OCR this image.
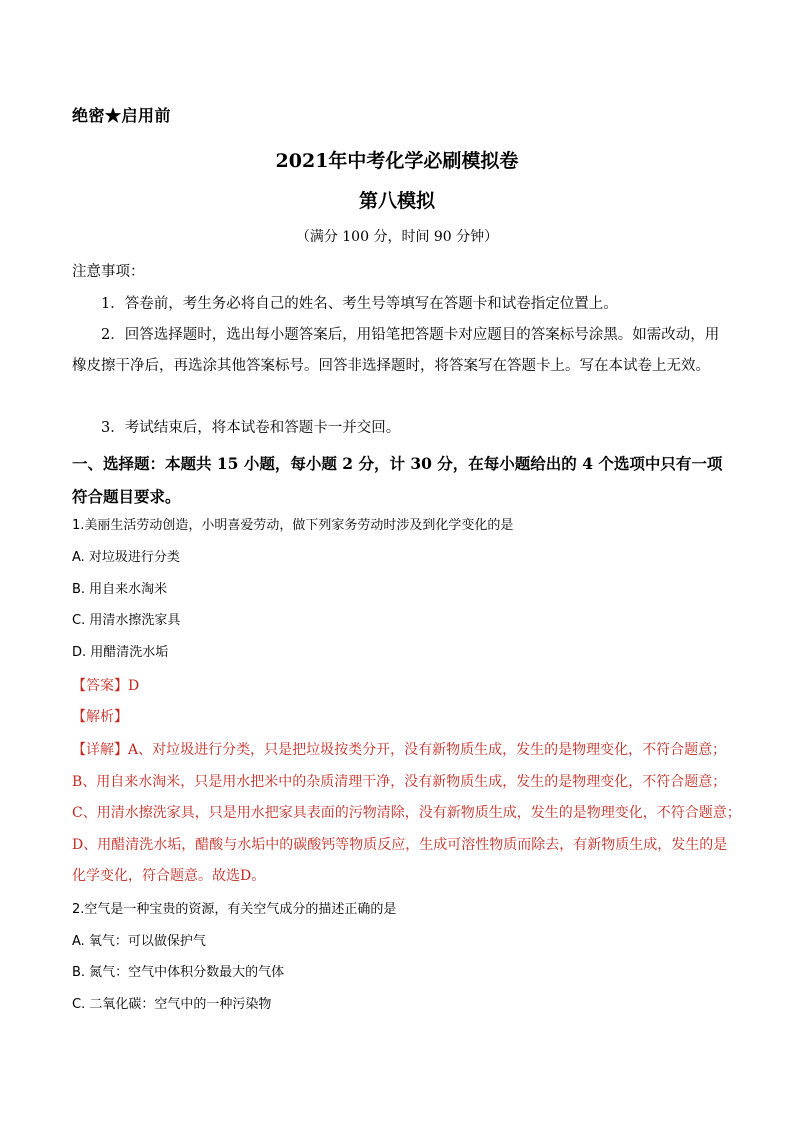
绝密★启用前
2021年中考化学必刷模拟卷
第八模拟
（满分 100 分，时间 90 分钟）
注意事项：
1．答卷前，考生务必将自己的姓名、考生号等填写在答题卡和试卷指定位置上。
2．回答选择题时，选出每小题答案后，用铅笔把答题卡对应题目的答案标号涂黑。如需改动，用橡皮擦干净后，再选涂其他答案标号。回答非选择题时，将答案写在答题卡上。写在本试卷上无效。
3．考试结束后，将本试卷和答题卡一并交回。
一、选择题：本题共 15 小题，每小题 2 分，计 30 分，在每小题给出的 4 个选项中只有一项符合题目要求。
1.美丽生活劳动创造，小明喜爱劳动，做下列家务劳动时涉及到化学变化的是
A. 对垃圾进行分类
B. 用自来水淘米
C. 用清水擦洗家具
D. 用醋清洗水垢
【答案】D
【解析】
【详解】A、对垃圾进行分类，只是把垃圾按类分开，没有新物质生成，发生的是物理变化，不符合题意；
B、用自来水淘米，只是用水把米中的杂质清理干净，没有新物质生成，发生的是物理变化，不符合题意；
C、用清水擦洗家具，只是用水把家具表面的污物清除，没有新物质生成，发生的是物理变化，不符合题意；
D、用醋清洗水垢，醋酸与水垢中的碳酸钙等物质反应，生成可溶性物质而除去，有新物质生成，发生的是
化学变化，符合题意。故选D。
2.空气是一种宝贵的资源，有关空气成分的描述正确的是
A. 氧气：可以做保护气
B. 氮气：空气中体积分数最大的气体
C. 二氧化碳：空气中的一种污染物
